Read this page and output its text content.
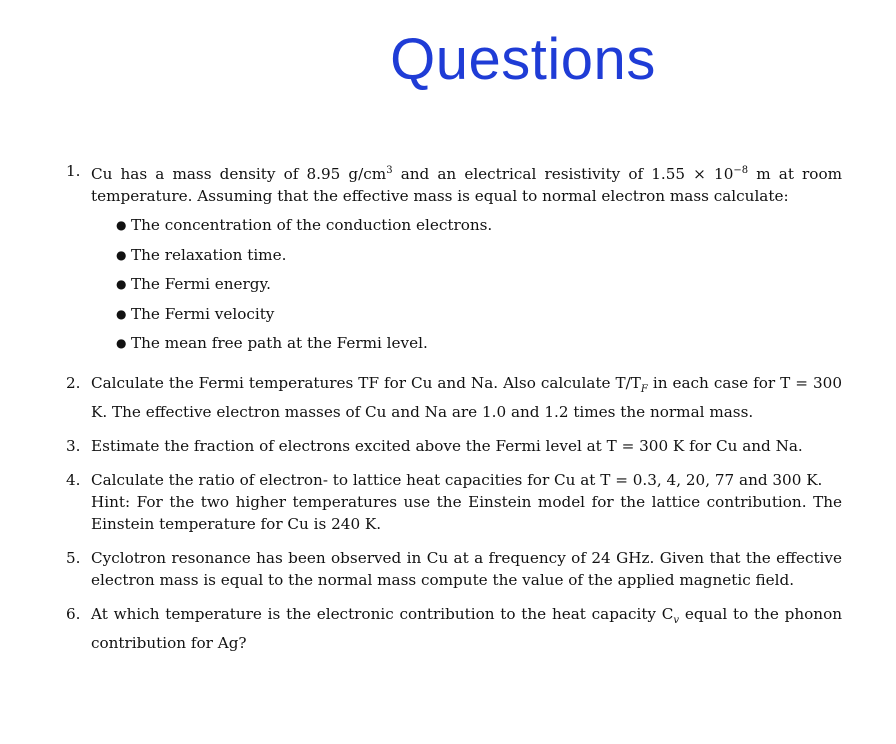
Questions
1. Cu has a mass density of 8.95 $g/cm^3$ and an electrical resistivity of $1.55 \times 10^{-8}$ m at room temperature. Assuming that the effective mass is equal to normal electron mass calculate:

● The concentration of the conduction electrons.
● The relaxation time.
● The Fermi energy.
● The Fermi velocity
● The mean free path at the Fermi level.
2. Calculate the Fermi temperatures TF for Cu and Na. Also calculate $T/T_F$ in each case for T = 300 K. The effective electron masses of Cu and Na are 1.0 and 1.2 times the normal mass.

3. Estimate the fraction of electrons excited above the Fermi level at T = 300 K for Cu and Na.

4. Calculate the ratio of electron- to lattice heat capacities for Cu at T = 0.3, 4, 20, 77 and 300 K.

Hint: For the two higher temperatures use the Einstein model for the lattice contribution. The Einstein temperature for Cu is 240 K.

5. Cyclotron resonance has been observed in Cu at a frequency of 24 GHz. Given that the effective electron mass is equal to the normal mass compute the value of the applied magnetic field.

6. At which temperature is the electronic contribution to the heat capacity $C_v$ equal to the phonon contribution for Ag?
